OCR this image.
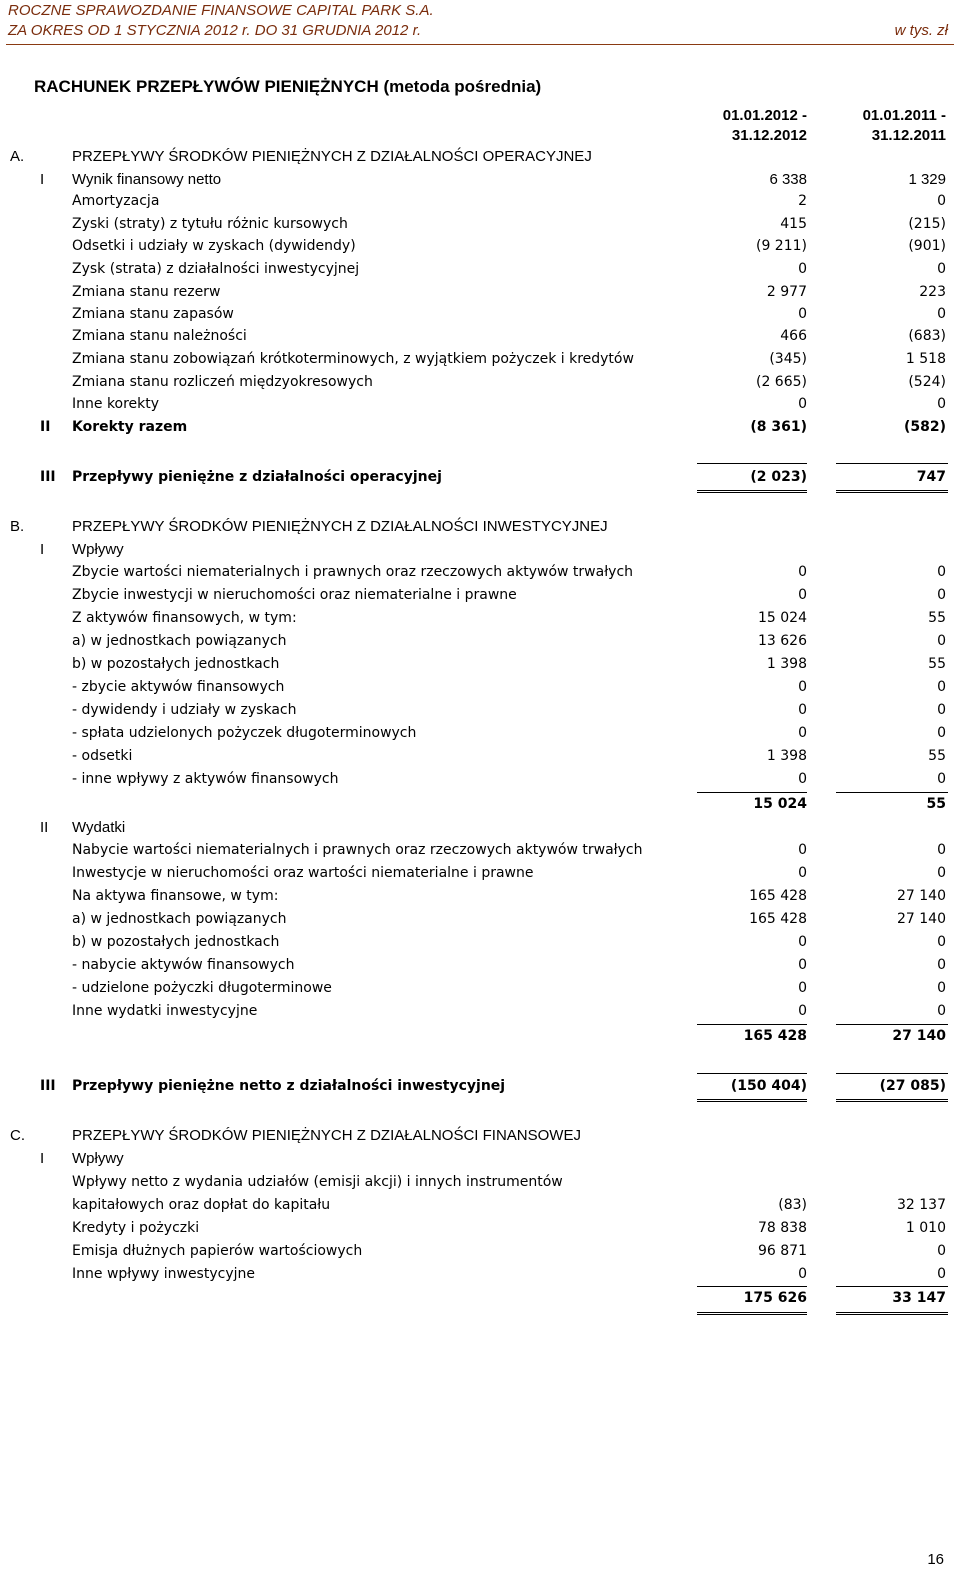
ROCZNE SPRAWOZDANIE FINANSOWE CAPITAL PARK S.A.
ZA OKRES OD 1 STYCZNIA 2012 r. DO 31 GRUDNIA 2012 r.	w tys. zł
RACHUNEK PRZEPŁYWÓW PIENIĘŻNYCH (metoda pośrednia)
01.01.2012 -
31.12.2012
01.01.2011 -
31.12.2011
A.	PRZEPŁYWY ŚRODKÓW PIENIĘŻNYCH Z DZIAŁALNOŚCI OPERACYJNEJ
I Wynik finansowy netto	6 338	1 329
Amortyzacja	2	0
Zyski (straty) z tytułu różnic kursowych	415	(215)
Odsetki i udziały w zyskach (dywidendy)	(9 211)	(901)
Zysk (strata) z działalności inwestycyjnej	0	0
Zmiana stanu rezerw	2 977	223
Zmiana stanu zapasów	0	0
Zmiana stanu należności	466	(683)
Zmiana stanu zobowiązań krótkoterminowych, z wyjątkiem pożyczek i kredytów	(345)	1 518
Zmiana stanu rozliczeń międzyokresowych	(2 665)	(524)
Inne korekty	0	0
II Korekty razem	(8 361)	(582)
III Przepływy pieniężne z działalności operacyjnej	(2 023)	747
B.	PRZEPŁYWY ŚRODKÓW PIENIĘŻNYCH Z DZIAŁALNOŚCI INWESTYCYJNEJ
I Wpływy
Zbycie wartości niematerialnych i prawnych oraz rzeczowych aktywów trwałych	0	0
Zbycie inwestycji w nieruchomości oraz niematerialne i prawne	0	0
Z aktywów finansowych, w tym:	15 024	55
a) w jednostkach powiązanych	13 626	0
b) w pozostałych jednostkach	1 398	55
- zbycie aktywów finansowych	0	0
- dywidendy i udziały w zyskach	0	0
- spłata udzielonych pożyczek długoterminowych	0	0
- odsetki	1 398	55
- inne wpływy z aktywów finansowych	0	0
15 024	55
II Wydatki
Nabycie wartości niematerialnych i prawnych oraz rzeczowych aktywów trwałych	0	0
Inwestycje w nieruchomości oraz wartości niematerialne i prawne	0	0
Na aktywa finansowe, w tym:	165 428	27 140
a) w jednostkach powiązanych	165 428	27 140
b) w pozostałych jednostkach	0	0
- nabycie aktywów finansowych	0	0
- udzielone pożyczki długoterminowe	0	0
Inne wydatki inwestycyjne	0	0
165 428	27 140
III Przepływy pieniężne netto z działalności inwestycyjnej	(150 404)	(27 085)
C.	PRZEPŁYWY ŚRODKÓW PIENIĘŻNYCH Z DZIAŁALNOŚCI FINANSOWEJ
I Wpływy
Wpływy netto z wydania udziałów (emisji akcji) i innych instrumentów
kapitałowych oraz dopłat do kapitału	(83)	32 137
Kredyty i pożyczki	78 838	1 010
Emisja dłużnych papierów wartościowych	96 871	0
Inne wpływy inwestycyjne	0	0
175 626	33 147
16
